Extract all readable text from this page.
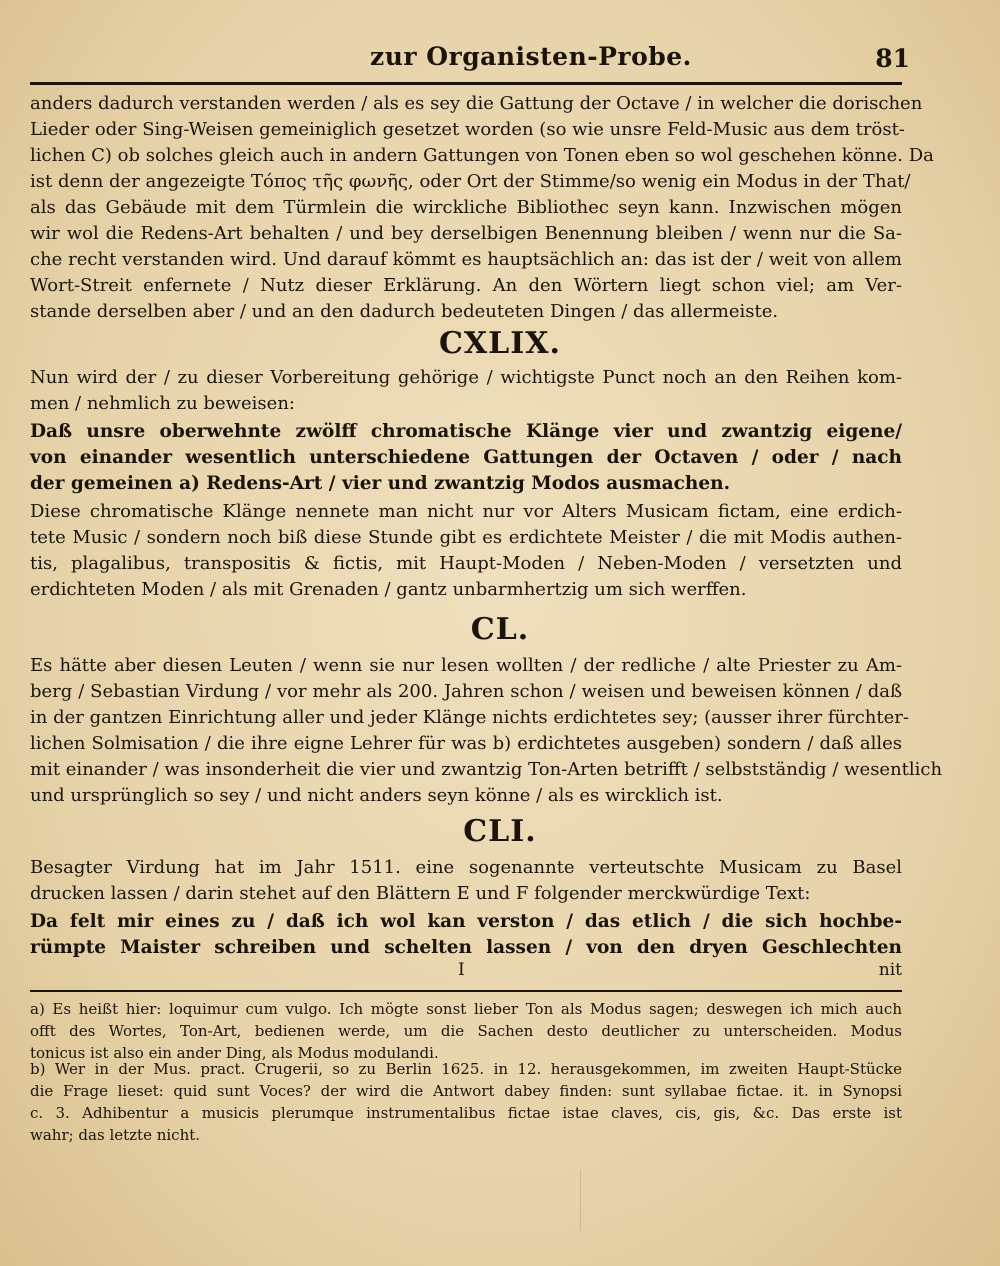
zur Organisten-Probe.	81
anders dadurch verstanden werden / als es sey die Gattung der Octave / in welcher die dorischen
Lieder oder Sing-Weisen gemeiniglich gesetzet worden (so wie unsre Feld-Music aus dem tröst-
lichen C) ob solches gleich auch in andern Gattungen von Tonen eben so wol geschehen könne. Da
ist denn der angezeigte Τόπος τῆς φωνῆς, oder Ort der Stimme/so wenig ein Modus in der That/
als das Gebäude mit dem Türmlein die wirckliche Bibliothec seyn kann. Inzwischen mögen
wir wol die Redens-Art behalten / und bey derselbigen Benennung bleiben / wenn nur die Sa-
che recht verstanden wird. Und darauf kömmt es hauptsächlich an: das ist der / weit von allem
Wort-Streit enfernete / Nutz dieser Erklärung. An den Wörtern liegt schon viel; am Ver-
stande derselben aber / und an den dadurch bedeuteten Dingen / das allermeiste.
CXLIX.
Nun wird der / zu dieser Vorbereitung gehörige / wichtigste Punct noch an den Reihen kom-
men / nehmlich zu beweisen:
Daß unsre oberwehnte zwölff chromatische Klänge vier und zwantzig eigene/
von einander wesentlich unterschiedene Gattungen der Octaven / oder / nach
der gemeinen a) Redens-Art / vier und zwantzig Modos ausmachen.
Diese chromatische Klänge nennete man nicht nur vor Alters Musicam fictam, eine erdich-
tete Music / sondern noch biß diese Stunde gibt es erdichtete Meister / die mit Modis authen-
tis, plagalibus, transpositis & fictis, mit Haupt-Moden / Neben-Moden / versetzten und
erdichteten Moden / als mit Grenaden / gantz unbarmhertzig um sich werffen.
CL.
Es hätte aber diesen Leuten / wenn sie nur lesen wollten / der redliche / alte Priester zu Am-
berg / Sebastian Virdung / vor mehr als 200. Jahren schon / weisen und beweisen können / daß
in der gantzen Einrichtung aller und jeder Klänge nichts erdichtetes sey; (ausser ihrer fürchter-
lichen Solmisation / die ihre eigne Lehrer für was b) erdichtetes ausgeben) sondern / daß alles
mit einander / was insonderheit die vier und zwantzig Ton-Arten betrifft / selbstständig / wesentlich
und ursprünglich so sey / und nicht anders seyn könne / als es wircklich ist.
CLI.
Besagter Virdung hat im Jahr 1511. eine sogenannte verteutschte Musicam zu Basel
drucken lassen / darin stehet auf den Blättern E und F folgender merckwürdige Text:
Da felt mir eines zu / daß ich wol kan verston / das etlich / die sich hochbe-
rümpte Maister schreiben und schelten lassen / von den dryen Geschlechten
I	nit
a) Es heißt hier: loquimur cum vulgo. Ich mögte sonst lieber Ton als Modus sagen; deswegen ich mich auch
offt des Wortes, Ton-Art, bedienen werde, um die Sachen desto deutlicher zu unterscheiden. Modus
tonicus ist also ein ander Ding, als Modus modulandi.
b) Wer in der Mus. pract. Crugerii, so zu Berlin 1625. in 12. herausgekommen, im zweiten Haupt-Stücke
die Frage lieset: quid sunt Voces? der wird die Antwort dabey finden: sunt syllabae fictae. it. in Synopsi
c. 3. Adhibentur a musicis plerumque instrumentalibus fictae istae claves, cis, gis, &c. Das erste ist
wahr; das letzte nicht.
